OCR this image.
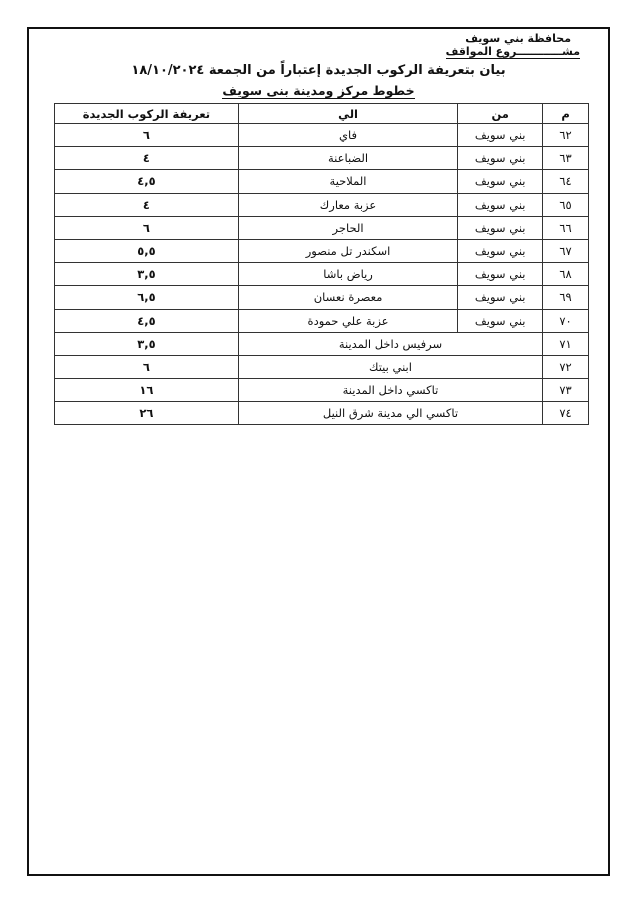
محافظة بني سويف
مشــــــــــــروع المواقف
بيان بتعريفة الركوب الجديدة إعتباراً من الجمعة ١٨/١٠/٢٠٢٤
خطوط مركز ومدينة بنى سويف
م	من	الي	تعريفة الركوب الجديدة
٦٢	بني سويف	فاي	٦
٦٣	بني سويف	الضباعنة	٤
٦٤	بني سويف	الملاحية	٤,٥
٦٥	بني سويف	عزبة معارك	٤
٦٦	بني سويف	الحاجر	٦
٦٧	بني سويف	اسكندر تل منصور	٥,٥
٦٨	بني سويف	رياض باشا	٣,٥
٦٩	بني سويف	معصرة نعسان	٦,٥
٧٠	بني سويف	عزبة علي حمودة	٤,٥
٧١	سرفيس داخل المدينة		٣,٥
٧٢	ابني بيتك		٦
٧٣	تاكسي داخل المدينة		١٦
٧٤	تاكسي الي مدينة شرق النيل		٢٦
